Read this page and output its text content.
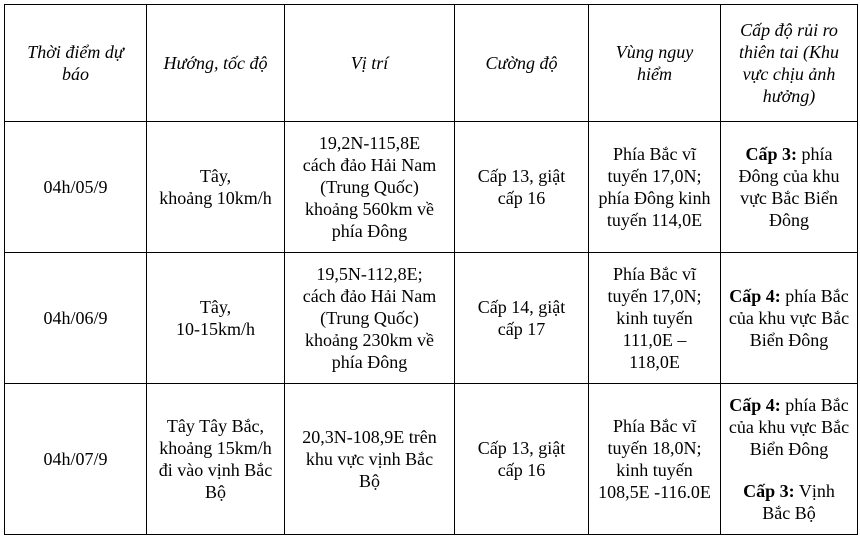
Thời điểm dự
báo	Hướng, tốc độ	Vị trí	Cường độ	Vùng nguy
hiểm	Cấp độ rủi ro
thiên tai (Khu
vực chịu ảnh
hưởng)

04h/05/9	Tây,
khoảng 10km/h	19,2N-115,8E
cách đảo Hải Nam
(Trung Quốc)
khoảng 560km về
phía Đông	Cấp 13, giật
cấp 16	Phía Bắc vĩ
tuyến 17,0N;
phía Đông kinh
tuyến 114,0E	Cấp 3: phía
Đông của khu
vực Bắc Biển
Đông

04h/06/9	Tây,
10-15km/h	19,5N-112,8E;
cách đảo Hải Nam
(Trung Quốc)
khoảng 230km về
phía Đông	Cấp 14, giật
cấp 17	Phía Bắc vĩ
tuyến 17,0N;
kinh tuyến
111,0E –
118,0E	Cấp 4: phía Bắc
của khu vực Bắc
Biển Đông

04h/07/9	Tây Tây Bắc,
khoảng 15km/h
đi vào vịnh Bắc
Bộ	20,3N-108,9E trên
khu vực vịnh Bắc
Bộ	Cấp 13, giật
cấp 16	Phía Bắc vĩ
tuyến 18,0N;
kinh tuyến
108,5E -116.0E	Cấp 4: phía Bắc
của khu vực Bắc
Biển Đông
Cấp 3: Vịnh
Bắc Bộ
